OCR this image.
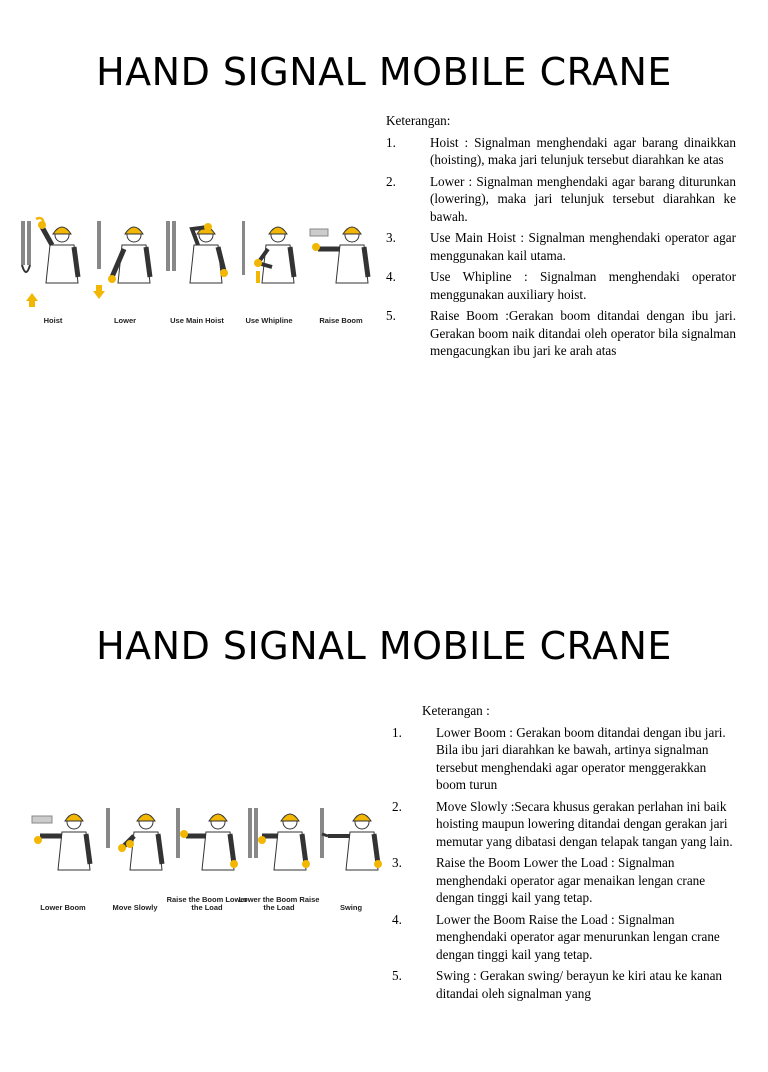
HAND SIGNAL MOBILE CRANE
Hoist	Lower	Use Main Hoist	Use Whipline	Raise Boom
Keterangan:
1.	Hoist : Signalman menghendaki agar barang dinaikkan (hoisting), maka jari telunjuk tersebut diarahkan ke atas
2.	Lower : Signalman menghendaki agar barang diturunkan (lowering), maka jari telunjuk tersebut diarahkan ke bawah.
3.	Use Main Hoist : Signalman menghendaki operator agar menggunakan kail utama.
4.	Use Whipline : Signalman menghendaki operator menggunakan auxiliary hoist.
5.	Raise Boom :Gerakan boom ditandai dengan ibu jari. Gerakan boom naik ditandai oleh operator bila signalman mengacungkan ibu jari ke arah atas
HAND SIGNAL MOBILE CRANE
Lower Boom	Move Slowly
Raise the Boom Lower the Load
Lower the Boom Raise the Load	Swing
Keterangan :
1.	Lower Boom : Gerakan boom ditandai dengan ibu jari. Bila ibu jari diarahkan ke bawah, artinya signalman tersebut menghendaki agar operator menggerakkan boom turun
2.	Move Slowly :Secara khusus gerakan perlahan ini baik hoisting maupun lowering ditandai dengan gerakan jari memutar yang dibatasi dengan telapak tangan yang lain.
3.	Raise the Boom Lower the Load : Signalman menghendaki operator agar menaikan lengan crane dengan tinggi kail yang tetap.
4.	Lower the Boom Raise the Load : Signalman menghendaki operator agar menurunkan lengan crane dengan tinggi kail yang tetap.
5.	Swing : Gerakan swing/ berayun ke kiri atau ke kanan ditandai oleh signalman yang
